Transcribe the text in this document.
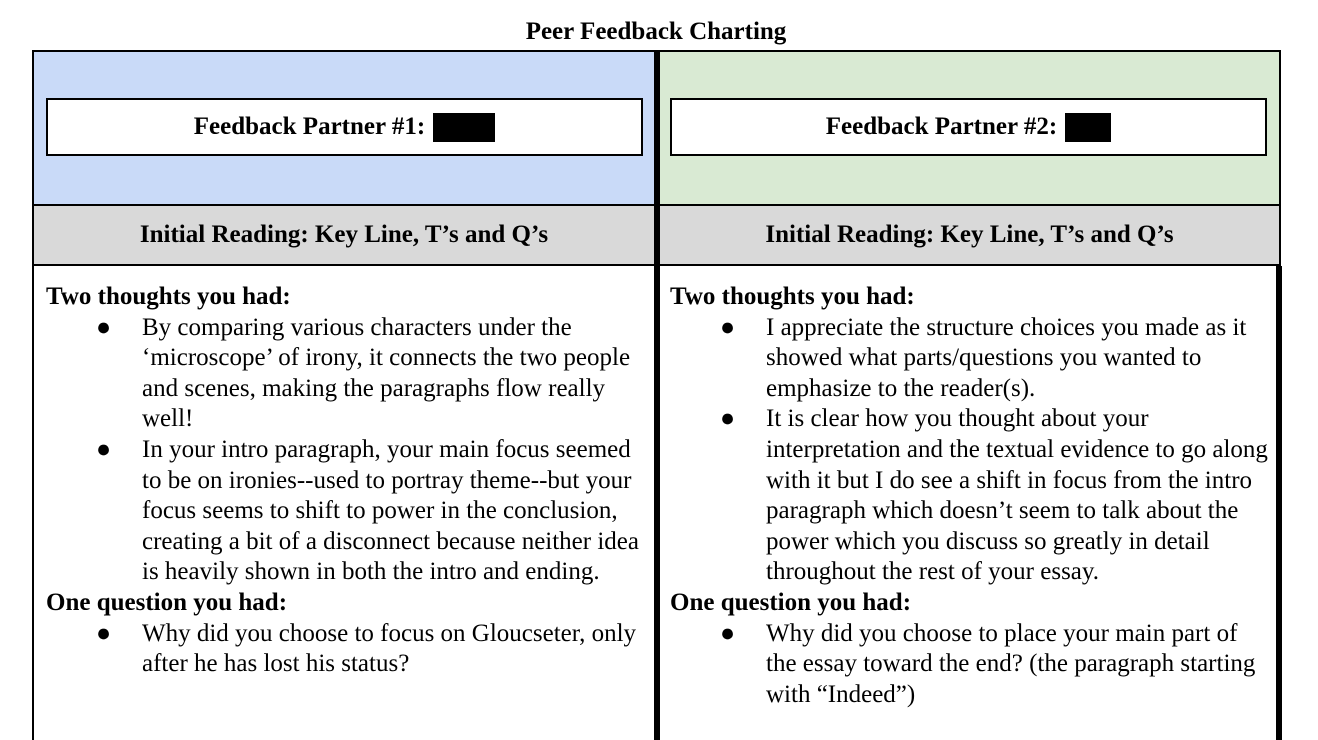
Peer Feedback Charting
Feedback Partner #1:
Initial Reading: Key Line, T’s and Q’s
Two thoughts you had:
● By comparing various characters under the ‘microscope’ of irony, it connects the two people and scenes, making the paragraphs flow really well!
● In your intro paragraph, your main focus seemed to be on ironies--used to portray theme--but your focus seems to shift to power in the conclusion, creating a bit of a disconnect because neither idea is heavily shown in both the intro and ending.
One question you had:
● Why did you choose to focus on Gloucseter, only after he has lost his status?
Feedback Partner #2:
Initial Reading: Key Line, T’s and Q’s
Two thoughts you had:
● I appreciate the structure choices you made as it showed what parts/questions you wanted to emphasize to the reader(s).
● It is clear how you thought about your interpretation and the textual evidence to go along with it but I do see a shift in focus from the intro paragraph which doesn’t seem to talk about the power which you discuss so greatly in detail throughout the rest of your essay.
One question you had:
● Why did you choose to place your main part of the essay toward the end? (the paragraph starting with “Indeed”)
